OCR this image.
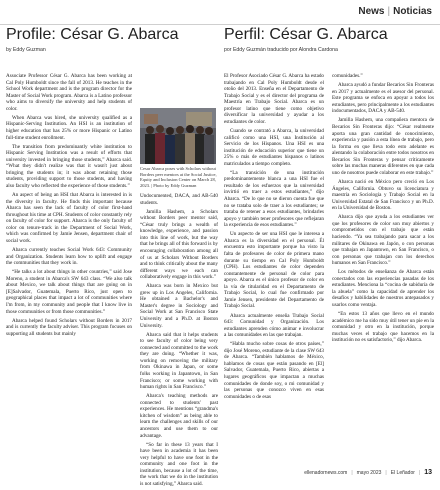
News | Noticias
Profile: César G. Abarca
by Eddy Guzman

Associate Professor César G. Abarca has been working at Cal Poly Humboldt since the fall of 2013. He teaches in the School Work department and is the program director for the Master of Social Work program. Abarca is a Latino professor who aims to diversify the university and help students of color.

When Abarca was hired, she university qualified as a Hispanic-Serving Institution. An HSI is an institution of higher education that has 25% or more Hispanic or Latino full-time student enrollment.

The transition from predominantly white institution to Hispanic Serving Institution was a result of efforts that university invested in bringing those students,” Abarca said. “What they didn't realize was that it wasn't just about bringing the students in; it was about retaining those students, providing support to those students, and having also faculty who reflected the experience of those students.”

An aspect of being an HSI that Abarca is interested in is the diversity in faculty. He finds this important because Abarca has seen the lack of faculty of color first-hand throughout his time at CPH. Students of color constantly rely on faculty of color for support. Abarca is the only faculty of color on tenure-track in the Department of Social Work, which was confirmed by Jamie Jensen, department chair of social work.

Abarca currently teaches Social Work 643: Community and Organization. Students learn how to uplift and engage the communities that they work in.

“He talks a lot about things in other countries,” said Jose Moreno, a student in Abarca's SW 643 class. “We also talk about Mexico, we talk about things that are going on in [E]Salvador, Guatemala, Puerto Rico, just open to geographical places that impact a lot of communities where I'm from, in my community and people that I know live in those communities or from those communities.”

Abarca helped found Scholars without Borders in 2017 and is currently the faculty adviser. This program focuses on supporting all students but mainly

Cesar Abarca poses with Scholars without Borders peer mentors at the Social Justice, Equity and Inclusion Center on March 28, 2023. | Photo by Eddy Guzman

Undocumented, DACA, and AB-540 students.

Jamilla Hashem, a Scholars without Borders peer mentor said, “César truly brings a wealth of knowledge, experience, and passion into this line of work, but the way that he brings all of this forward is by encouraging collaboration among all of us at Scholars Without Borders and to think critically about the many different ways we each can collaboratively engage in this work.”

Abarca was born in Mexico but grew up in Los Angeles, California. He obtained a Bachelor's and Master's degree in Sociology and Social Work at San Francisco State University and a Ph.D. at Boston University.

Abarca said that it helps students to see faculty of color being very connected and committed to the work they are doing. “Whether it was, working on removing the military from Okinawa in Japan, or some folks working in Japantown, in San Francisco; or some working with human rights in San Francisco.”

Abarca's teaching methods are connected to students' past experiences. He mentions “grandma's kitchen of wisdom” as being able to learn the challenges and skills of our ancestors and use them to our advantage.

“So far in these 13 years that I have been in academia it has been very helpful to have one foot in the community and one foot in the institution, because a lot of the time, the work that we do in the institution is not satisfying,” Abarca said.

Perfil: César G. Abarca
por Eddy Guzmán traducido por Alondra Cardona

El Profesor Asociado César G. Abarca ha estado trabajando en Cal Poly Humboldt desde el otoño del 2013. Enseña en el Departamento de Trabajo Social y es el director del programa de Maestría en Trabajo Social. Abarca es un profesor latino que tiene como objetivo diversificar la universidad y ayudar a los estudiantes de color.

Cuando se contrató a Abarca, la universidad calificó como una HSI, una Institución al Servicio de los Hispanos. Una HSI es una institución de educación superior que tiene un 25% o más de estudiantes hispanos o latinos matriculados a tiempo completo.

“La transición de una institución predominantemente blanca a una HSI fue el resultado de los esfuerzos que la universidad invirtió en traer a estos estudiantes,” dijo Abarca. “De lo que no se dieron cuenta fue que no se trataba solo de traer a los estudiantes; se trataba de retener a esos estudiantes, brindarles apoyo y también tener profesores que reflejaran la experiencia de esos estudiantes.”

Un aspecto de ser una HSI que le interesa a Abarca es la diversidad en el personal. Él encuentra esto importante porque ha visto la falta de profesores de color de primera mano durante su tiempo en Cal Poly Humboldt (CPH). Los estudiantes de color dependen constantemente de personal de color para apoyo. Abarca es el único profesor de color en la vía de titularidad en el Departamento de Trabajo Social, lo cual fue confirmado por Jamie Jensen, presidente del Departamento de Trabajo Social.

Abarca actualmente enseña Trabajo Social 643: Comunidad y Organización. Los estudiantes aprenden cómo animar e involucrar a las comunidades en las que trabajan.

“Habla mucho sobre cosas de otros países,” dijo José Moreno, estudiante de la clase SW 643 de Abarca. “También hablamos de México, hablamos de cosas que están pasando en [El] Salvador, Guatemala, Puerto Rico, abiertas a lugares geográficos que impactan a muchas comunidades de donde soy, o mi comunidad y las personas que conozco viven en esas comunidades o de esas

comunidades.”

Abarca ayudó a fundar Becarios Sin Fronteras en 2017 y actualmente es el asesor del personal. Este programa se enfoca en apoyar a todos los estudiantes, pero principalmente a los estudiantes indocumentados, DACA y AB-540.

Jamilla Hashem, una compañera mentora de Becarios Sin Fronteras dijo: “César realmente aporta una gran cantidad de conocimiento, experiencia y pasión a esta línea de trabajo, pero la forma en que lleva todo esto adelante es alentando la colaboración entre todos nosotros en Becarios Sin Fronteras y pensar críticamente sobre las muchas maneras diferentes en que cada uno de nosotros puede colaborar en este trabajo.”

Abarca nació en México pero creció en Los Ángeles, California. Obtuvo su licenciatura y maestría en Sociología y Trabajo Social en la Universidad Estatal de San Francisco y un Ph.D. en la Universidad de Boston.

Abarca dijo que ayuda a los estudiantes ver que los profesores de color son muy abiertos y comprometidos con el trabajo que están haciendo. “Ya sea trabajando para sacar a los militares de Okinawa en Japón, o con personas que trabajan en Japantown, en San Francisco, o con personas que trabajan con los derechos humanos en San Francisco.”

Los métodos de enseñanza de Abarca están conectados con las experiencias pasadas de los estudiantes. Menciona la “cocina de sabiduría de la abuela” como la capacidad de aprender los desafíos y habilidades de nuestros antepasados y usarlos como ventaja.

“En estos 13 años que llevo en el mundo académico me ha sido muy útil tener un pie en la comunidad y otro en la institución, porque muchas veces el trabajo que hacemos en la institución no es satisfactorio,” dijo Abarca.

ellenadornews.com | mayo 2023 | El Leñador | 13
